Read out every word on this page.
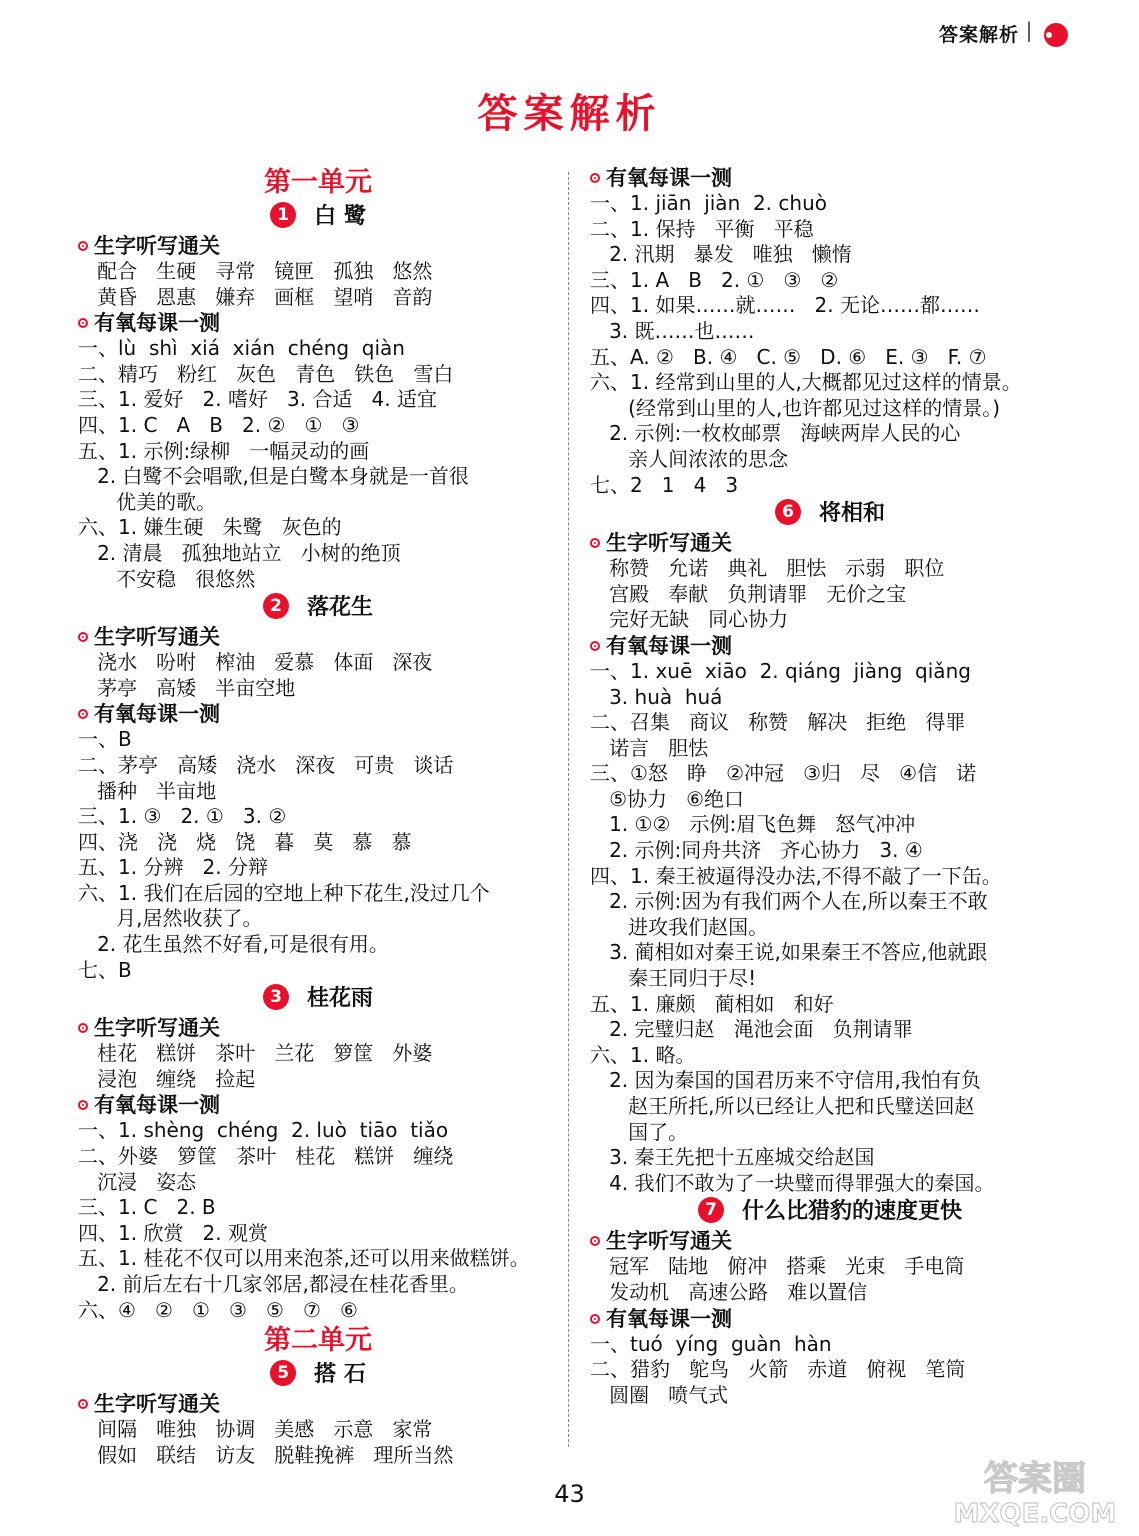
答案解析 |
答案解析
第一单元
1 白 鹭
生字听写通关
配合   生硬   寻常   镜匣   孤独   悠然
黄昏   恩惠   嫌弃   画框   望哨   音韵
有氧每课一测
一、lù  shì  xiá  xián  chéng  qiàn
二、精巧   粉红   灰色   青色   铁色   雪白
三、1. 爱好   2. 嗜好   3. 合适   4. 适宜
四、1. C   A   B   2. ②   ①   ③
五、1. 示例:绿柳   一幅灵动的画
2. 白鹭不会唱歌,但是白鹭本身就是一首很
优美的歌。
六、1. 嫌生硬   朱鹭   灰色的
2. 清晨   孤独地站立   小树的绝顶
不安稳   很悠然
2 落花生
生字听写通关
浇水   吩咐   榨油   爱慕   体面   深夜
茅亭   高矮   半亩空地
有氧每课一测
一、B
二、茅亭   高矮   浇水   深夜   可贵   谈话
播种   半亩地
三、1. ③   2. ①   3. ②
四、浇   浇   烧   饶   暮   莫   慕   慕
五、1. 分辨   2. 分辩
六、1. 我们在后园的空地上种下花生,没过几个
月,居然收获了。
2. 花生虽然不好看,可是很有用。
七、B
3 桂花雨
生字听写通关
桂花   糕饼   茶叶   兰花   箩筐   外婆
浸泡   缠绕   捡起
有氧每课一测
一、1. shèng  chéng  2. luò  tiāo  tiǎo
二、外婆   箩筐   茶叶   桂花   糕饼   缠绕
沉浸   姿态
三、1. C   2. B
四、1. 欣赏   2. 观赏
五、1. 桂花不仅可以用来泡茶,还可以用来做糕饼。
2. 前后左右十几家邻居,都浸在桂花香里。
六、④   ②   ①   ③   ⑤   ⑦   ⑥
第二单元
5 搭 石
生字听写通关
间隔   唯独   协调   美感   示意   家常
假如   联结   访友   脱鞋挽裤   理所当然
有氧每课一测
一、1. jiān  jiàn  2. chuò
二、1. 保持   平衡   平稳
2. 汛期   暴发   唯独   懒惰
三、1. A   B   2. ①   ③   ②
四、1. 如果……就……   2. 无论……都……
3. 既……也……
五、A. ②   B. ④   C. ⑤   D. ⑥   E. ③   F. ⑦
六、1. 经常到山里的人,大概都见过这样的情景。
(经常到山里的人,也许都见过这样的情景。)
2. 示例:一枚枚邮票   海峡两岸人民的心
亲人间浓浓的思念
七、2   1   4   3
6 将相和
生字听写通关
称赞   允诺   典礼   胆怯   示弱   职位
宫殿   奉献   负荆请罪   无价之宝
完好无缺   同心协力
有氧每课一测
一、1. xuē  xiāo  2. qiáng  jiàng  qiǎng
3. huà  huá
二、召集   商议   称赞   解决   拒绝   得罪
诺言   胆怯
三、①怒   睁   ②冲冠   ③归   尽   ④信   诺
⑤协力   ⑥绝口
1. ①②   示例:眉飞色舞   怒气冲冲
2. 示例:同舟共济   齐心协力   3. ④
四、1. 秦王被逼得没办法,不得不敲了一下缶。
2. 示例:因为有我们两个人在,所以秦王不敢
进攻我们赵国。
3. 蔺相如对秦王说,如果秦王不答应,他就跟
秦王同归于尽!
五、1. 廉颇   蔺相如   和好
2. 完璧归赵   渑池会面   负荆请罪
六、1. 略。
2. 因为秦国的国君历来不守信用,我怕有负
赵王所托,所以已经让人把和氏璧送回赵
国了。
3. 秦王先把十五座城交给赵国
4. 我们不敢为了一块璧而得罪强大的秦国。
7 什么比猎豹的速度更快
生字听写通关
冠军   陆地   俯冲   搭乘   光束   手电筒
发动机   高速公路   难以置信
有氧每课一测
一、tuó  yíng  guàn  hàn
二、猎豹   鸵鸟   火箭   赤道   俯视   笔筒
圆圈   喷气式
43	答案圈
MXQE.COM
